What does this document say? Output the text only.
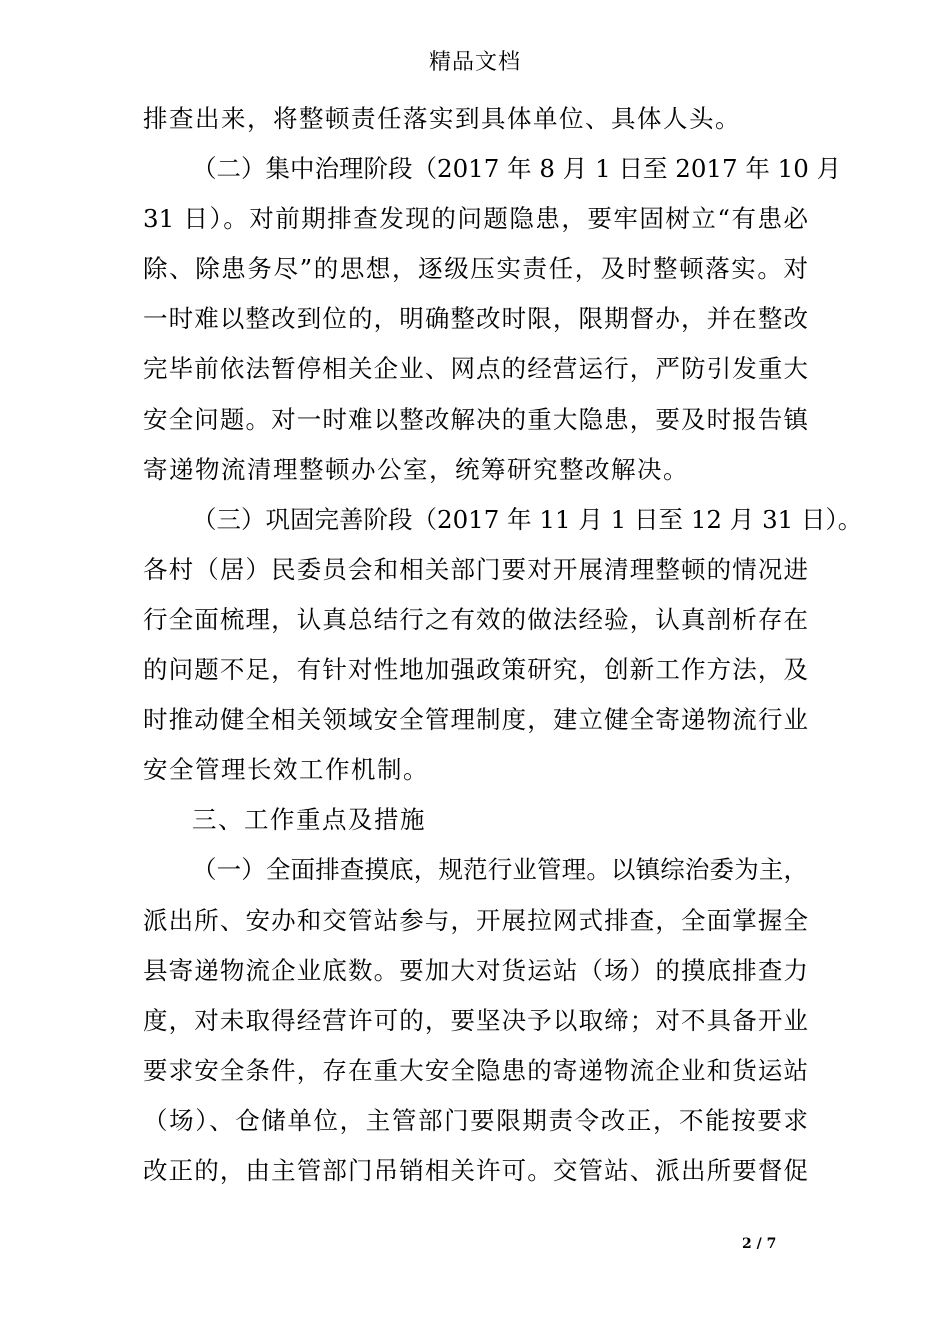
精品文档
排查出来，将整顿责任落实到具体单位、具体人头。
（二）集中治理阶段（2017 年 8 月 1 日至 2017 年 10 月
31 日）。对前期排查发现的问题隐患，要牢固树立“有患必
除、除患务尽”的思想，逐级压实责任，及时整顿落实。对
一时难以整改到位的，明确整改时限，限期督办，并在整改
完毕前依法暂停相关企业、网点的经营运行，严防引发重大
安全问题。对一时难以整改解决的重大隐患，要及时报告镇
寄递物流清理整顿办公室，统筹研究整改解决。
（三）巩固完善阶段（2017 年 11 月 1 日至 12 月 31 日）。
各村（居）民委员会和相关部门要对开展清理整顿的情况进
行全面梳理，认真总结行之有效的做法经验，认真剖析存在
的问题不足，有针对性地加强政策研究，创新工作方法，及
时推动健全相关领域安全管理制度，建立健全寄递物流行业
安全管理长效工作机制。
三、工作重点及措施
（一）全面排查摸底，规范行业管理。以镇综治委为主，
派出所、安办和交管站参与，开展拉网式排查，全面掌握全
县寄递物流企业底数。要加大对货运站（场）的摸底排查力
度，对未取得经营许可的，要坚决予以取缔；对不具备开业
要求安全条件，存在重大安全隐患的寄递物流企业和货运站
（场）、仓储单位，主管部门要限期责令改正，不能按要求
改正的，由主管部门吊销相关许可。交管站、派出所要督促
2 / 7
